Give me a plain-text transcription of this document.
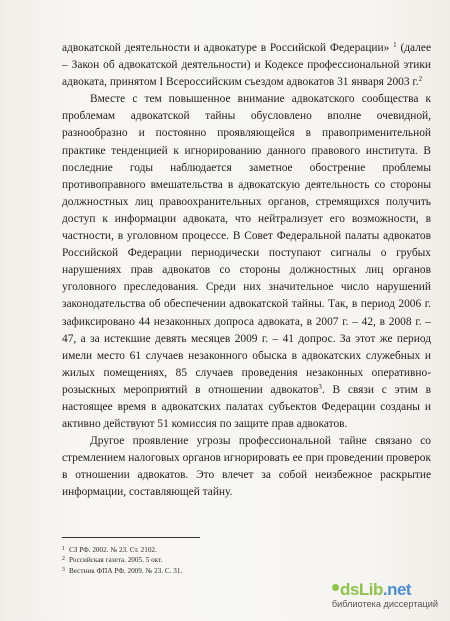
адвокатской деятельности и адвокатуре в Российской Федерации» $^1$ (далее – Закон об адвокатской деятельности) и Кодексе профессиональной этики адвоката, принятом I Всероссийским съездом адвокатов 31 января 2003 г.$^2$

Вместе с тем повышенное внимание адвокатского сообщества к проблемам адвокатской тайны обусловлено вполне очевидной, разнообразно и постоянно проявляющейся в правоприменительной практике тенденцией к игнорированию данного правового института. В последние годы наблюдается заметное обострение проблемы противоправного вмешательства в адвокатскую деятельность со стороны должностных лиц правоохранительных органов, стремящихся получить доступ к информации адвоката, что нейтрализует его возможности, в частности, в уголовном процессе. В Совет Федеральной палаты адвокатов Российской Федерации периодически поступают сигналы о грубых нарушениях прав адвокатов со стороны должностных лиц органов уголовного преследования. Среди них значительное число нарушений законодательства об обеспечении адвокатской тайны. Так, в период 2006 г. зафиксировано 44 незаконных допроса адвоката, в 2007 г. – 42, в 2008 г. – 47, а за истекшие девять месяцев 2009 г. – 41 допрос. За этот же период имели место 61 случаев незаконного обыска в адвокатских служебных и жилых помещениях, 85 случаев проведения незаконных оперативно-розыскных мероприятий в отношении адвокатов$^3$. В связи с этим в настоящее время в адвокатских палатах субъектов Федерации созданы и активно действуют 51 комиссия по защите прав адвокатов.

Другое проявление угрозы профессиональной тайне связано со стремлением налоговых органов игнорировать ее при проведении проверок в отношении адвокатов. Это влечет за собой неизбежное раскрытие информации, составляющей тайну.

1 СЗ РФ. 2002. № 23. Ст. 2102.
2 Российская газета. 2005. 5 окт.
3 Вестник ФПА РФ. 2009. № 23. С. 31.
dsLib.net
библиотека диссертаций
